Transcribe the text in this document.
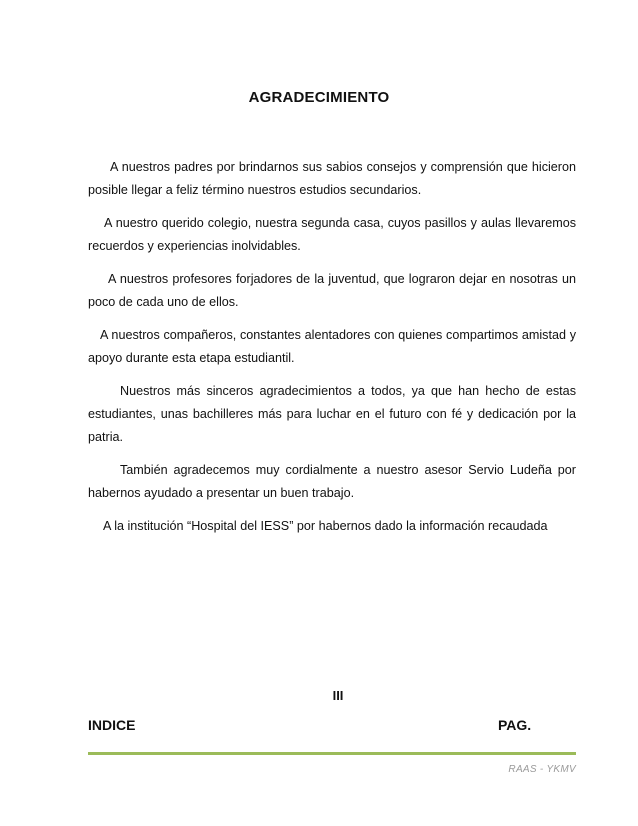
AGRADECIMIENTO

A nuestros padres por brindarnos sus sabios consejos y comprensión que hicieron posible llegar a feliz término nuestros estudios secundarios.

A nuestro querido colegio, nuestra segunda casa, cuyos pasillos y aulas llevaremos recuerdos y experiencias inolvidables.

A nuestros profesores forjadores de la juventud, que lograron dejar en nosotras un poco de cada uno de ellos.

A nuestros compañeros, constantes alentadores con quienes compartimos amistad y apoyo durante esta etapa estudiantil.

Nuestros más sinceros agradecimientos a todos, ya que han hecho de estas estudiantes, unas bachilleres más para luchar en el futuro con fé y dedicación por la patria.

También agradecemos muy cordialmente a nuestro asesor Servio Ludeña por habernos ayudado a presentar un buen trabajo.

A la institución “Hospital del IESS” por habernos dado la información recaudada

III
INDICE	PAG.
RAAS - YKMV
